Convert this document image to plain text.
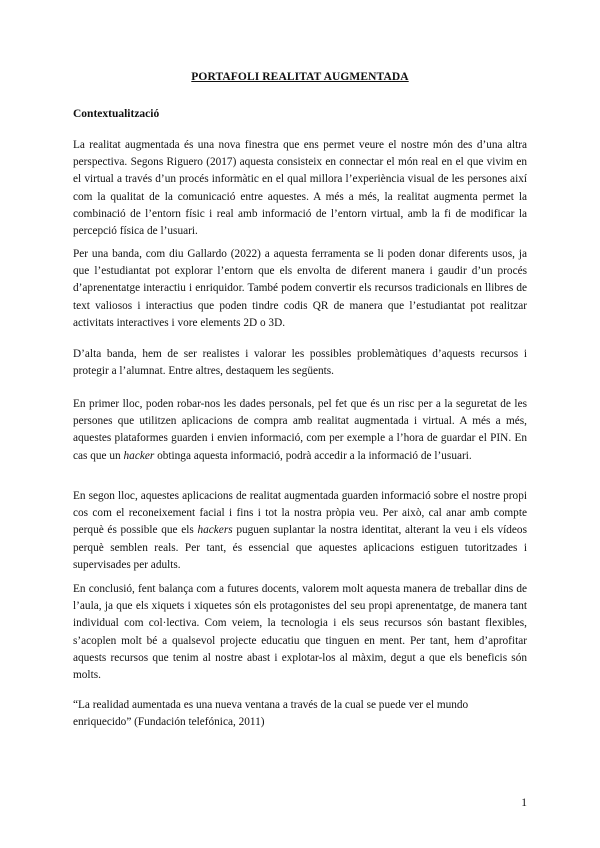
PORTAFOLI REALITAT AUGMENTADA
Contextualització

La realitat augmentada és una nova finestra que ens permet veure el nostre món des d’una altra perspectiva. Segons Riguero (2017) aquesta consisteix en connectar el món real en el que vivim en el virtual a través d’un procés informàtic en el qual millora l’experiència visual de les persones així com la qualitat de la comunicació entre aquestes. A més a més, la realitat augmenta permet la combinació de l’entorn físic i real amb informació de l’entorn virtual, amb la fi de modificar la percepció física de l’usuari.

Per una banda, com diu Gallardo (2022) a aquesta ferramenta se li poden donar diferents usos, ja que l’estudiantat pot explorar l’entorn que els envolta de diferent manera i gaudir d’un procés d’aprenentatge interactiu i enriquidor. També podem convertir els recursos tradicionals en llibres de text valiosos i interactius que poden tindre codis QR de manera que l’estudiantat pot realitzar activitats interactives i vore elements 2D o 3D.

D’alta banda, hem de ser realistes i valorar les possibles problemàtiques d’aquests recursos i protegir a l’alumnat. Entre altres, destaquem les següents.

En primer lloc, poden robar-nos les dades personals, pel fet que és un risc per a la seguretat de les persones que utilitzen aplicacions de compra amb realitat augmentada i virtual. A més a més, aquestes plataformes guarden i envien informació, com per exemple a l’hora de guardar el PIN. En cas que un hacker obtinga aquesta informació, podrà accedir a la informació de l’usuari.

En segon lloc, aquestes aplicacions de realitat augmentada guarden informació sobre el nostre propi cos com el reconeixement facial i fins i tot la nostra pròpia veu. Per això, cal anar amb compte perquè és possible que els hackers puguen suplantar la nostra identitat, alterant la veu i els vídeos perquè semblen reals. Per tant, és essencial que aquestes aplicacions estiguen tutoritzades i supervisades per adults.

En conclusió, fent balança com a futures docents, valorem molt aquesta manera de treballar dins de l’aula, ja que els xiquets i xiquetes són els protagonistes del seu propi aprenentatge, de manera tant individual com col·lectiva. Com veiem, la tecnologia i els seus recursos són bastant flexibles, s’acoplen molt bé a qualsevol projecte educatiu que tinguen en ment. Per tant, hem d’aprofitar aquests recursos que tenim al nostre abast i explotar-los al màxim, degut a que els beneficis són molts.

“La realidad aumentada es una nueva ventana a través de la cual se puede ver el mundo enriquecido” (Fundación telefónica, 2011)

1
